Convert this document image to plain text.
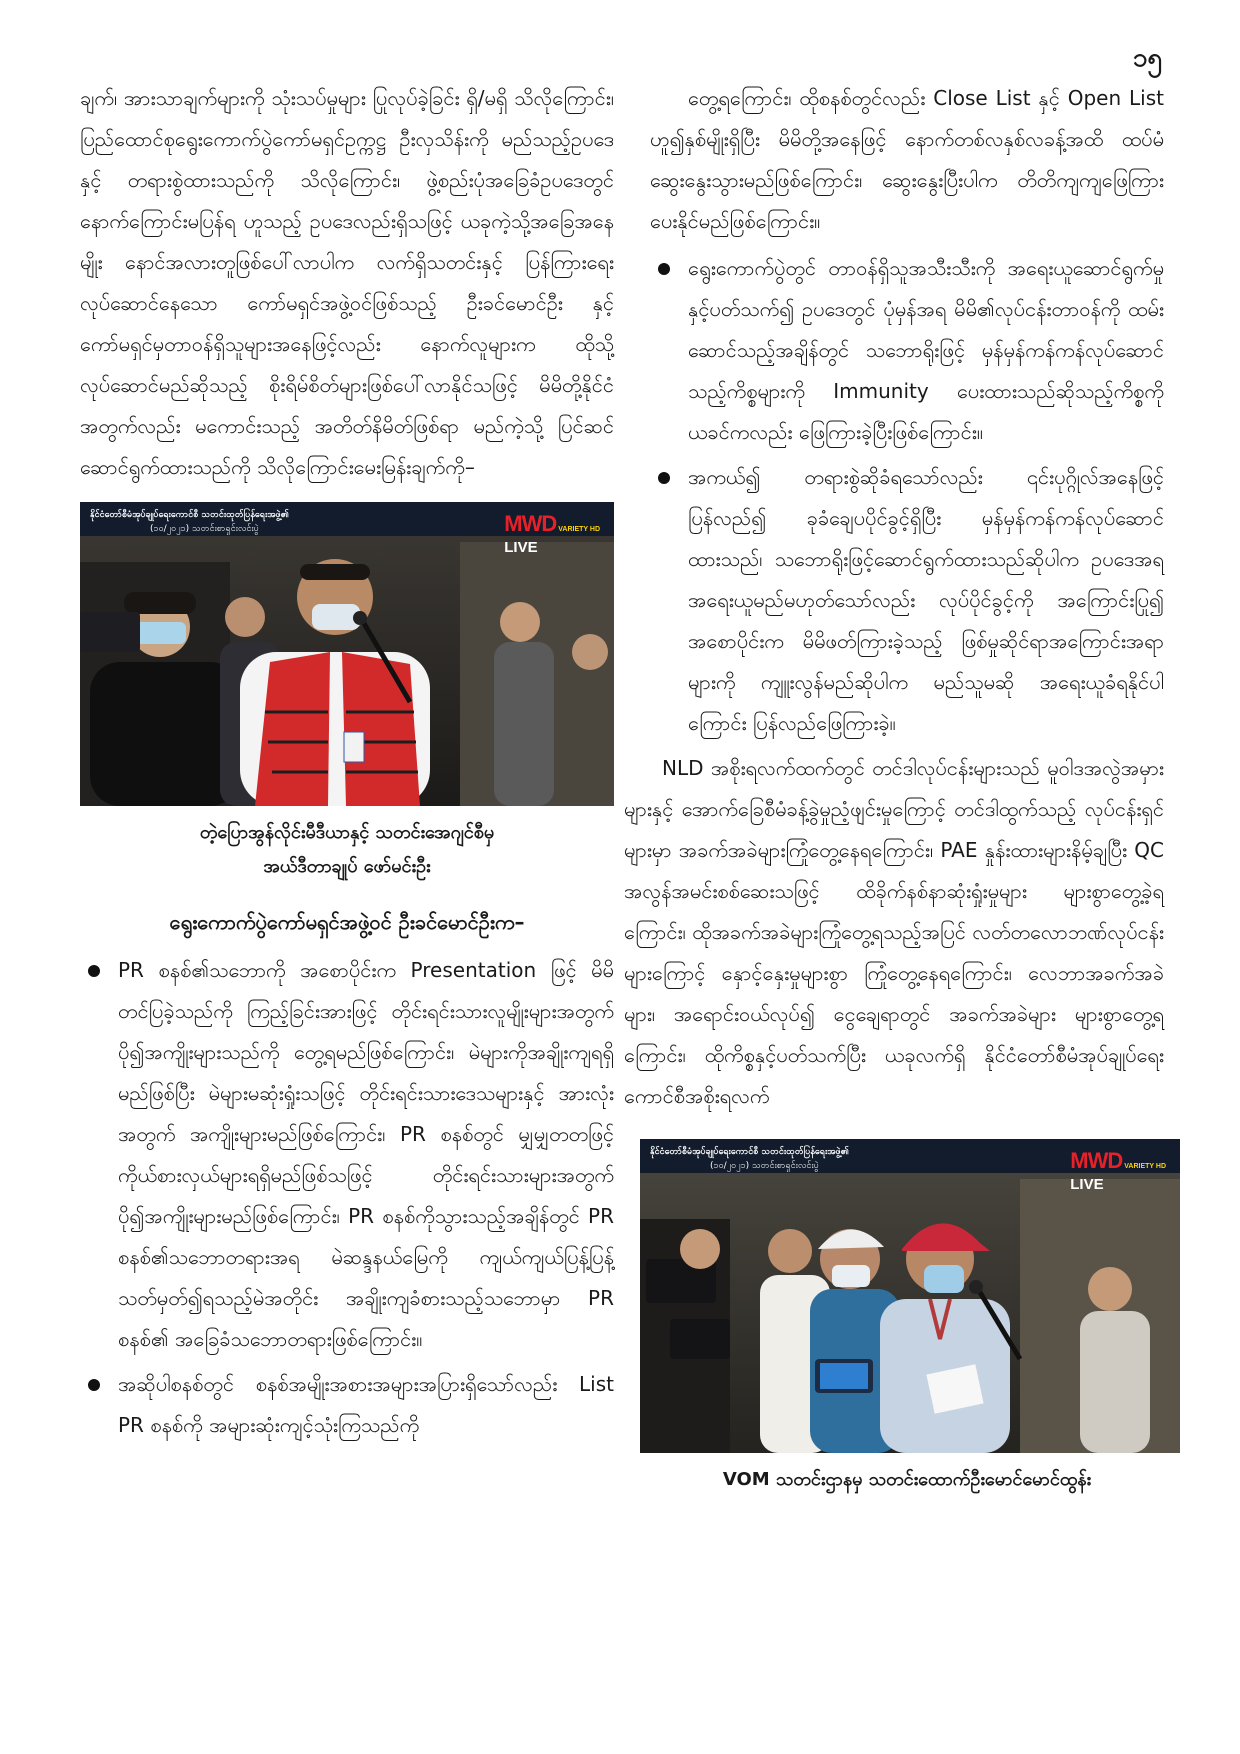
၁၅

ချက်၊ အားသာချက်များကို သုံးသပ်မှုများ ပြုလုပ်ခဲ့ခြင်း ရှိ/မရှိ သိလိုကြောင်း၊ ပြည်ထောင်စုရွေးကောက်ပွဲကော်မရှင်ဥက္ကဋ္ဌ ဦးလှသိန်းကို မည်သည့်ဥပဒေနှင့် တရားစွဲထားသည်ကို သိလိုကြောင်း၊ ဖွဲ့စည်းပုံအခြေခံဥပဒေတွင် နောက်ကြောင်းမပြန်ရ ဟူသည့် ဥပဒေလည်းရှိသဖြင့် ယခုကဲ့သို့အခြေအနေမျိုး နောင်အလားတူဖြစ်ပေါ်လာပါက လက်ရှိသတင်းနှင့် ပြန်ကြားရေး လုပ်ဆောင်နေသော ကော်မရှင်အဖွဲ့ဝင်ဖြစ်သည့် ဦးခင်မောင်ဦး နှင့်ကော်မရှင်မှတာဝန်ရှိသူများအနေဖြင့်လည်း နောက်လူများက ထိုသို့လုပ်ဆောင်မည်ဆိုသည့် စိုးရိမ်စိတ်များဖြစ်ပေါ်လာနိုင်သဖြင့် မိမိတို့နိုင်ငံအတွက်လည်း မကောင်းသည့် အတိတ်နိမိတ်ဖြစ်ရာ မည်ကဲ့သို့ ပြင်ဆင်ဆောင်ရွက်ထားသည်ကို သိလိုကြောင်းမေးမြန်းချက်ကို–

နိုင်ငံတော်စီမံအုပ်ချုပ်ရေးကောင်စီ သတင်းထုတ်ပြန်ရေးအဖွဲ့၏
(၁၀/၂၀၂၁) သတင်းစာရှင်းလင်းပွဲ	MWD VARIETY HD
LIVE

တဲ့ပြောအွန်လိုင်းမီဒီယာနှင့် သတင်းအေဂျင်စီမှ
အယ်ဒီတာချုပ် ဖော်မင်းဦး

ရွေးကောက်ပွဲကော်မရှင်အဖွဲ့ဝင် ဦးခင်မောင်ဦးက–

PR စနစ်၏သဘောကို အစောပိုင်းက Presentation ဖြင့် မိမိတင်ပြခဲ့သည်ကို ကြည့်ခြင်းအားဖြင့် တိုင်းရင်းသားလူမျိုးများအတွက် ပို၍အကျိုးများသည်ကို တွေ့ရမည်ဖြစ်ကြောင်း၊ မဲများကိုအချိုးကျရရှိမည်ဖြစ်ပြီး မဲများမဆုံးရှုံးသဖြင့် တိုင်းရင်းသားဒေသများနှင့် အားလုံးအတွက် အကျိုးများမည်ဖြစ်ကြောင်း၊ PR စနစ်တွင် မျှမျှတတဖြင့် ကိုယ်စားလှယ်များရရှိမည်ဖြစ်သဖြင့် တိုင်းရင်းသားများအတွက် ပို၍အကျိုးများမည်ဖြစ်ကြောင်း၊ PR စနစ်ကိုသွားသည့်အချိန်တွင် PR စနစ်၏သဘောတရားအရ မဲဆန္ဒနယ်မြေကို ကျယ်ကျယ်ပြန့်ပြန့်သတ်မှတ်၍ရသည့်မဲအတိုင်း အချိုးကျခံစားသည့်သဘောမှာ PR စနစ်၏ အခြေခံသဘောတရားဖြစ်ကြောင်း။
အဆိုပါစနစ်တွင် စနစ်အမျိုးအစားအများအပြားရှိသော်လည်း List PR စနစ်ကို အများဆုံးကျင့်သုံးကြသည်ကို

တွေ့ရကြောင်း၊ ထိုစနစ်တွင်လည်း Close List နှင့် Open List ဟူ၍နှစ်မျိုးရှိပြီး မိမိတို့အနေဖြင့် နောက်တစ်လနှစ်လခန့်အထိ ထပ်မံဆွေးနွေးသွားမည်ဖြစ်ကြောင်း၊ ဆွေးနွေးပြီးပါက တိတိကျကျဖြေကြားပေးနိုင်မည်ဖြစ်ကြောင်း။

ရွေးကောက်ပွဲတွင် တာဝန်ရှိသူအသီးသီးကို အရေးယူဆောင်ရွက်မှုနှင့်ပတ်သက်၍ ဥပဒေတွင် ပုံမှန်အရ မိမိ၏လုပ်ငန်းတာဝန်ကို ထမ်းဆောင်သည့်အချိန်တွင် သဘောရိုးဖြင့် မှန်မှန်ကန်ကန်လုပ်ဆောင်သည့်ကိစ္စများကို Immunity ပေးထားသည်ဆိုသည့်ကိစ္စကို ယခင်ကလည်း ဖြေကြားခဲ့ပြီးဖြစ်ကြောင်း။
အကယ်၍ တရားစွဲဆိုခံရသော်လည်း ၎င်းပုဂ္ဂိုလ်အနေဖြင့် ပြန်လည်၍ ခုခံချေပပိုင်ခွင့်ရှိပြီး မှန်မှန်ကန်ကန်လုပ်ဆောင်ထားသည်၊ သဘောရိုးဖြင့်ဆောင်ရွက်ထားသည်ဆိုပါက ဥပဒေအရ အရေးယူမည်မဟုတ်သော်လည်း လုပ်ပိုင်ခွင့်ကို အကြောင်းပြု၍ အစောပိုင်းက မိမိဖတ်ကြားခဲ့သည့် ဖြစ်မှုဆိုင်ရာအကြောင်းအရာများကို ကျူးလွန်မည်ဆိုပါက မည်သူမဆို အရေးယူခံရနိုင်ပါကြောင်း ပြန်လည်ဖြေကြားခဲ့။

NLD အစိုးရလက်ထက်တွင် တင်ဒါလုပ်ငန်းများသည် မူဝါဒအလွဲအမှားများနှင့် အောက်ခြေစီမံခန့်ခွဲမှုညံ့ဖျင်းမှုကြောင့် တင်ဒါထွက်သည့် လုပ်ငန်းရှင်များမှာ အခက်အခဲများကြုံတွေ့နေရကြောင်း၊ PAE နှုန်းထားများနိမ့်ချပြီး QC အလွန်အမင်းစစ်ဆေးသဖြင့် ထိခိုက်နစ်နာဆုံးရှုံးမှုများ များစွာတွေ့ခဲ့ရကြောင်း၊ ထိုအခက်အခဲများကြုံတွေ့ရသည့်အပြင် လတ်တလောဘဏ်လုပ်ငန်းများကြောင့် နှောင့်နှေးမှုများစွာ ကြုံတွေ့နေရကြောင်း၊ လေဘာအခက်အခဲများ၊ အရောင်းဝယ်လုပ်၍ ငွေချေရာတွင် အခက်အခဲများ များစွာတွေ့ရကြောင်း၊ ထိုကိစ္စနှင့်ပတ်သက်ပြီး ယခုလက်ရှိ နိုင်ငံတော်စီမံအုပ်ချုပ်ရေးကောင်စီအစိုးရလက်

နိုင်ငံတော်စီမံအုပ်ချုပ်ရေးကောင်စီ သတင်းထုတ်ပြန်ရေးအဖွဲ့၏
(၁၀/၂၀၂၁) သတင်းစာရှင်းလင်းပွဲ	MWD VARIETY HD
LIVE

VOM သတင်းဌာနမှ သတင်းထောက်ဦးမောင်မောင်ထွန်း
